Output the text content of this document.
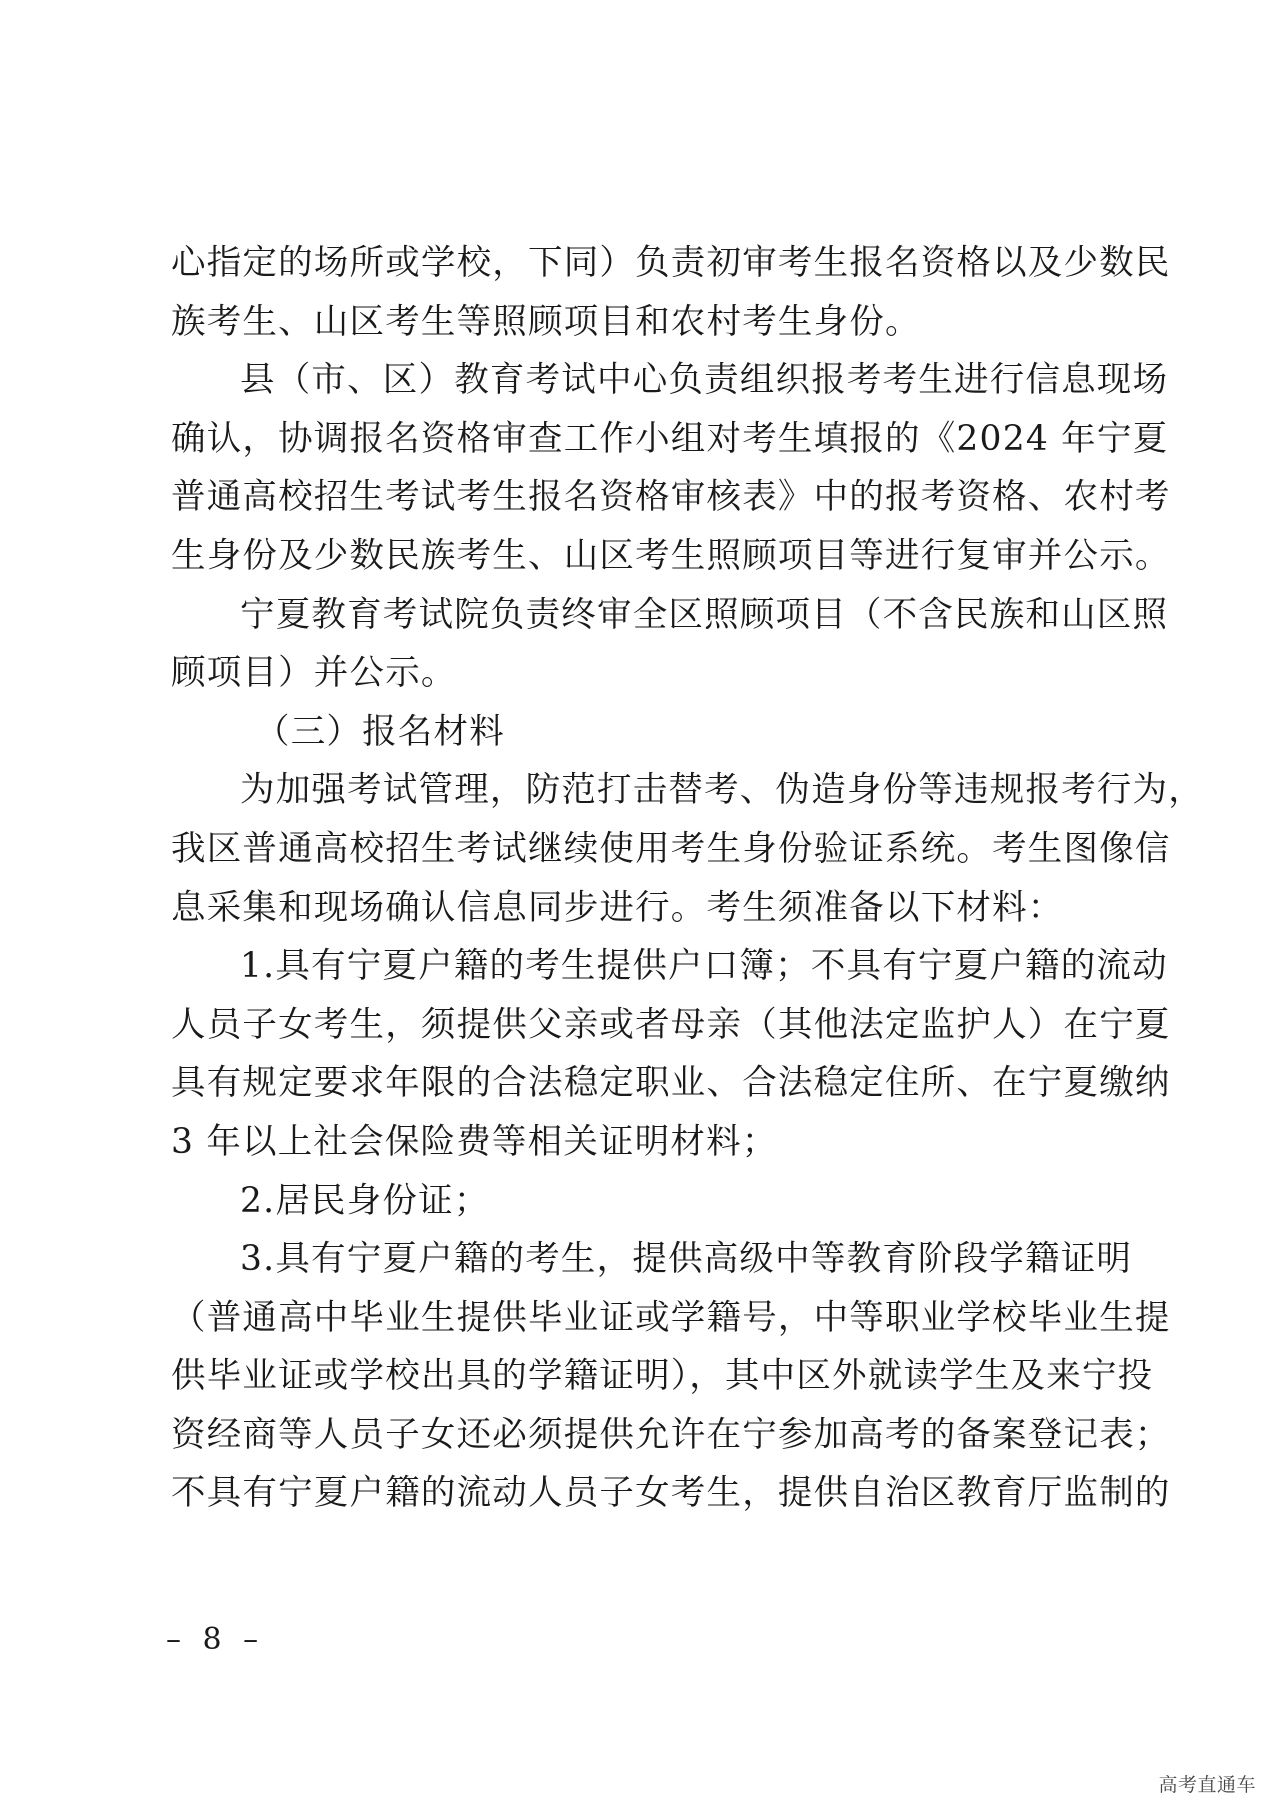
心指定的场所或学校，下同）负责初审考生报名资格以及少数民
族考生、山区考生等照顾项目和农村考生身份。
县（市、区）教育考试中心负责组织报考考生进行信息现场
确认，协调报名资格审查工作小组对考生填报的《2024 年宁夏
普通高校招生考试考生报名资格审核表》中的报考资格、农村考
生身份及少数民族考生、山区考生照顾项目等进行复审并公示。
宁夏教育考试院负责终审全区照顾项目（不含民族和山区照
顾项目）并公示。
（三）报名材料
为加强考试管理，防范打击替考、伪造身份等违规报考行为，
我区普通高校招生考试继续使用考生身份验证系统。考生图像信
息采集和现场确认信息同步进行。考生须准备以下材料：
1.具有宁夏户籍的考生提供户口簿；不具有宁夏户籍的流动
人员子女考生，须提供父亲或者母亲（其他法定监护人）在宁夏
具有规定要求年限的合法稳定职业、合法稳定住所、在宁夏缴纳
3 年以上社会保险费等相关证明材料；
2.居民身份证；
3.具有宁夏户籍的考生，提供高级中等教育阶段学籍证明
（普通高中毕业生提供毕业证或学籍号，中等职业学校毕业生提
供毕业证或学校出具的学籍证明），其中区外就读学生及来宁投
资经商等人员子女还必须提供允许在宁参加高考的备案登记表；
不具有宁夏户籍的流动人员子女考生，提供自治区教育厅监制的
– 8 –
高考直通车
